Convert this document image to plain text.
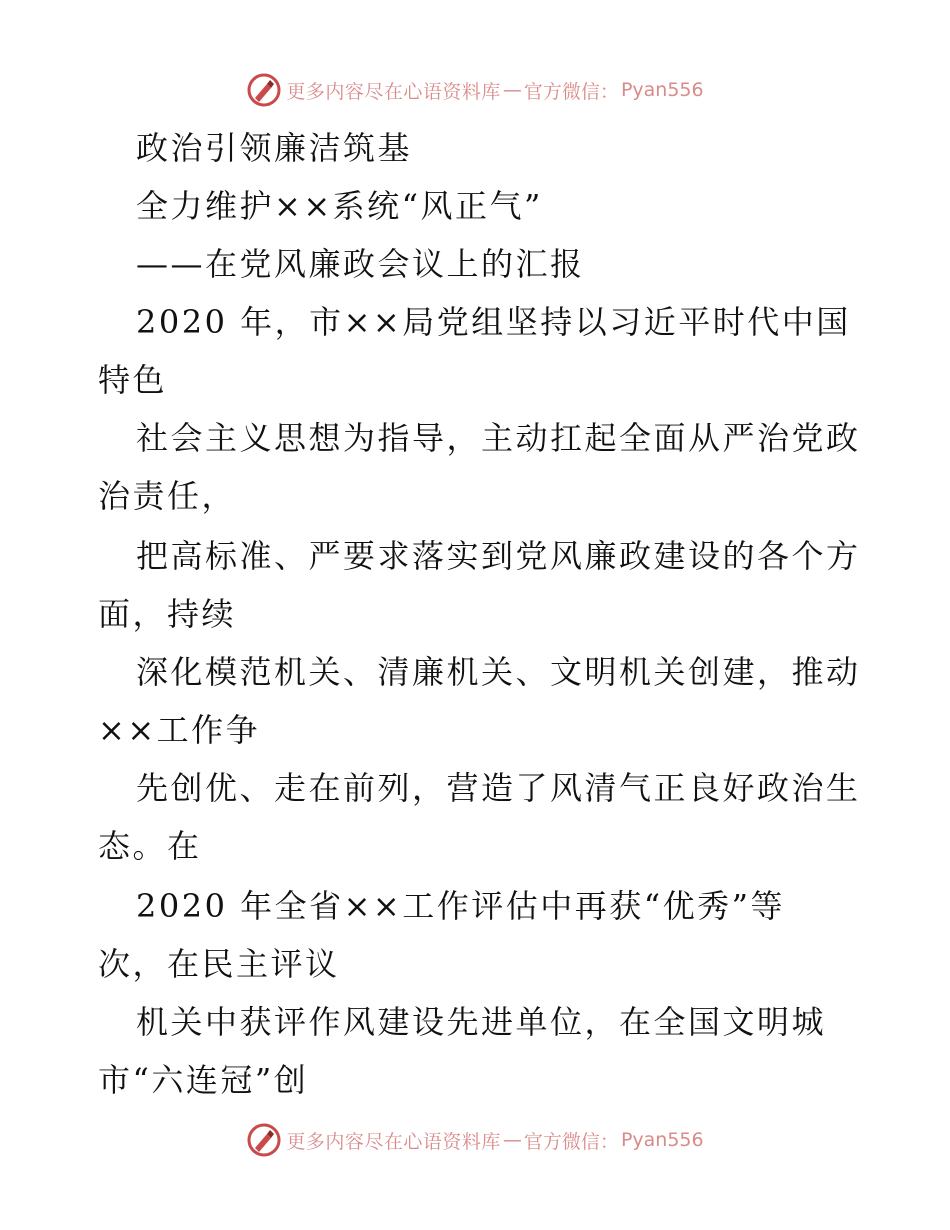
更多内容尽在心语资料库 — 官方微信： Pyan556
政治引领廉洁筑基
全力维护××系统“风正气”
——在党风廉政会议上的汇报
2020 年，市××局党组坚持以习近平时代中国
特色
社会主义思想为指导，主动扛起全面从严治党政
治责任，
把高标准、严要求落实到党风廉政建设的各个方
面，持续
深化模范机关、清廉机关、文明机关创建，推动
××工作争
先创优、走在前列，营造了风清气正良好政治生
态。在
2020 年全省××工作评估中再获“优秀”等
次，在民主评议
机关中获评作风建设先进单位，在全国文明城
市“六连冠”创
更多内容尽在心语资料库 — 官方微信： Pyan556
